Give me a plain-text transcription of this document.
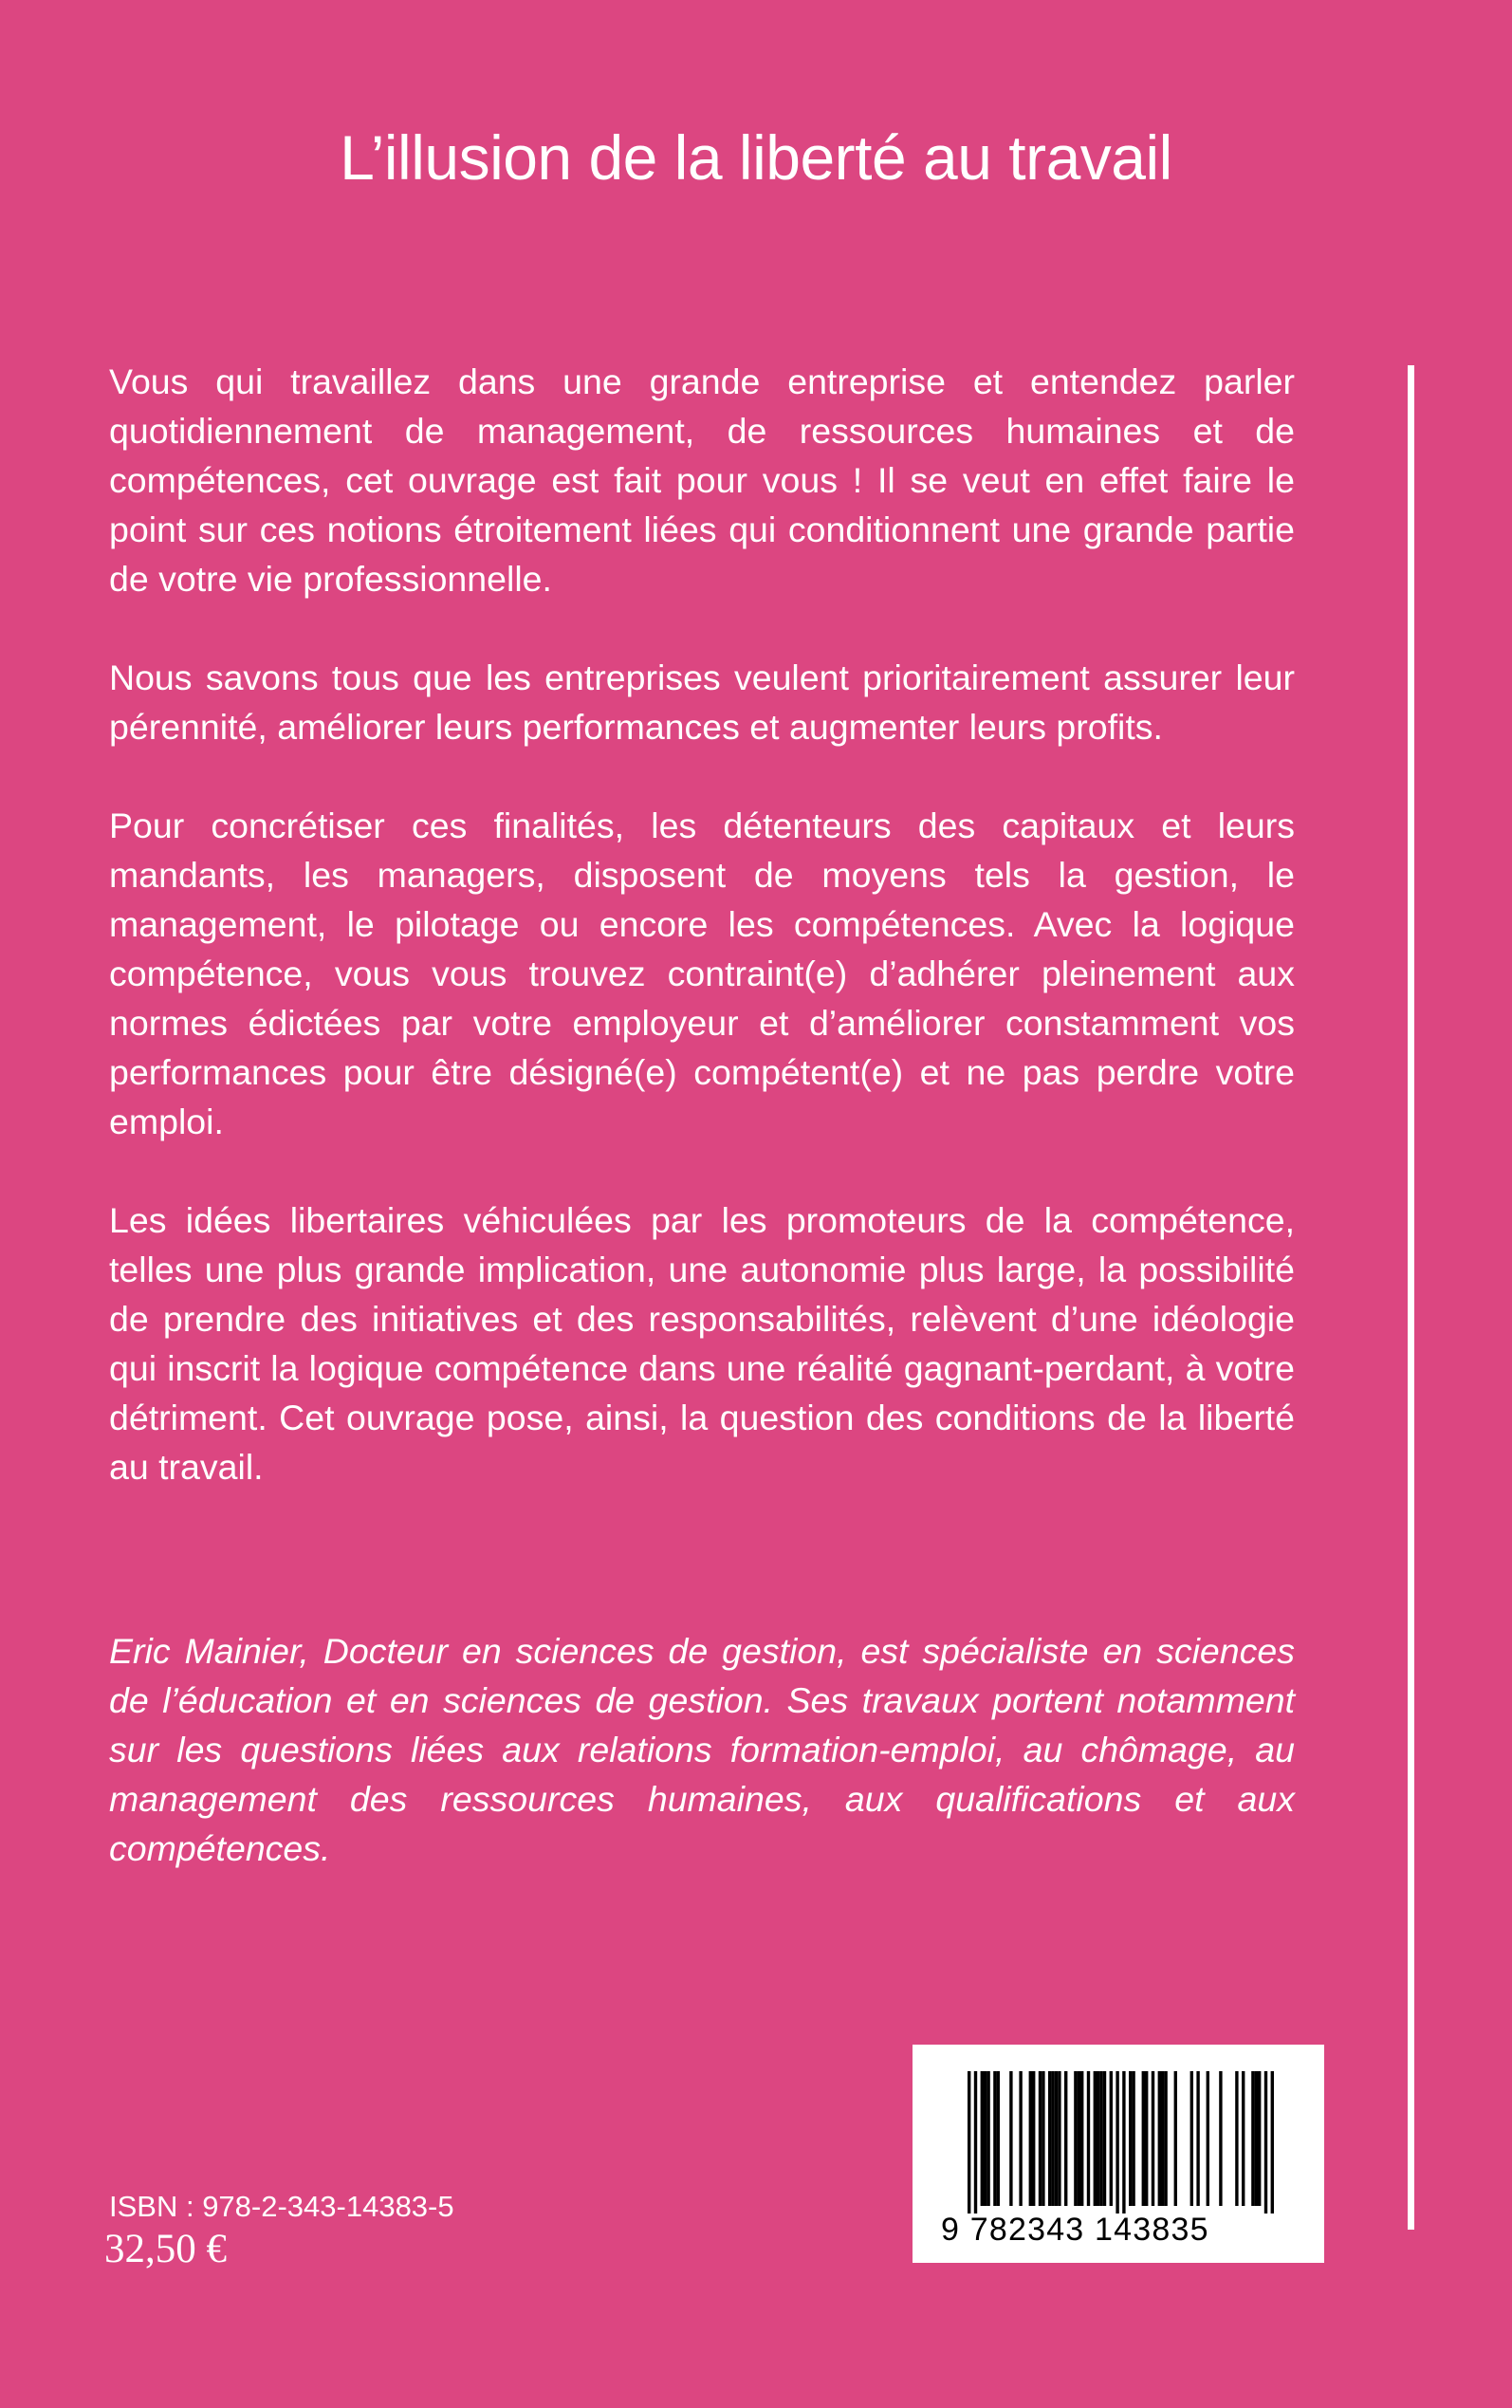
L’illusion de la liberté au travail

Vous qui travaillez dans une grande entreprise et entendez parler quotidiennement de management, de ressources humaines et de compétences, cet ouvrage est fait pour vous ! Il se veut en effet faire le point sur ces notions étroitement liées qui conditionnent une grande partie de votre vie professionnelle.

Nous savons tous que les entreprises veulent prioritairement assurer leur pérennité, améliorer leurs performances et augmenter leurs profits.

Pour concrétiser ces finalités, les détenteurs des capitaux et leurs mandants, les managers, disposent de moyens tels la gestion, le management, le pilotage ou encore les compétences. Avec la logique compétence, vous vous trouvez contraint(e) d’adhérer pleinement aux normes édictées par votre employeur et d’améliorer constamment vos performances pour être désigné(e) compétent(e) et ne pas perdre votre emploi.

Les idées libertaires véhiculées par les promoteurs de la compétence, telles une plus grande implication, une autonomie plus large, la possibilité de prendre des initiatives et des responsabilités, relèvent d’une idéologie qui inscrit la logique compétence dans une réalité gagnant-perdant, à votre détriment. Cet ouvrage pose, ainsi, la question des conditions de la liberté au travail.

Eric Mainier, Docteur en sciences de gestion, est spécialiste en sciences de l’éducation et en sciences de gestion. Ses travaux portent notamment sur les questions liées aux relations formation-emploi, au chômage, au management des ressources humaines, aux qualifications et aux compétences.

ISBN : 978-2-343-14383-5

32,50 €	9 782343 143835
